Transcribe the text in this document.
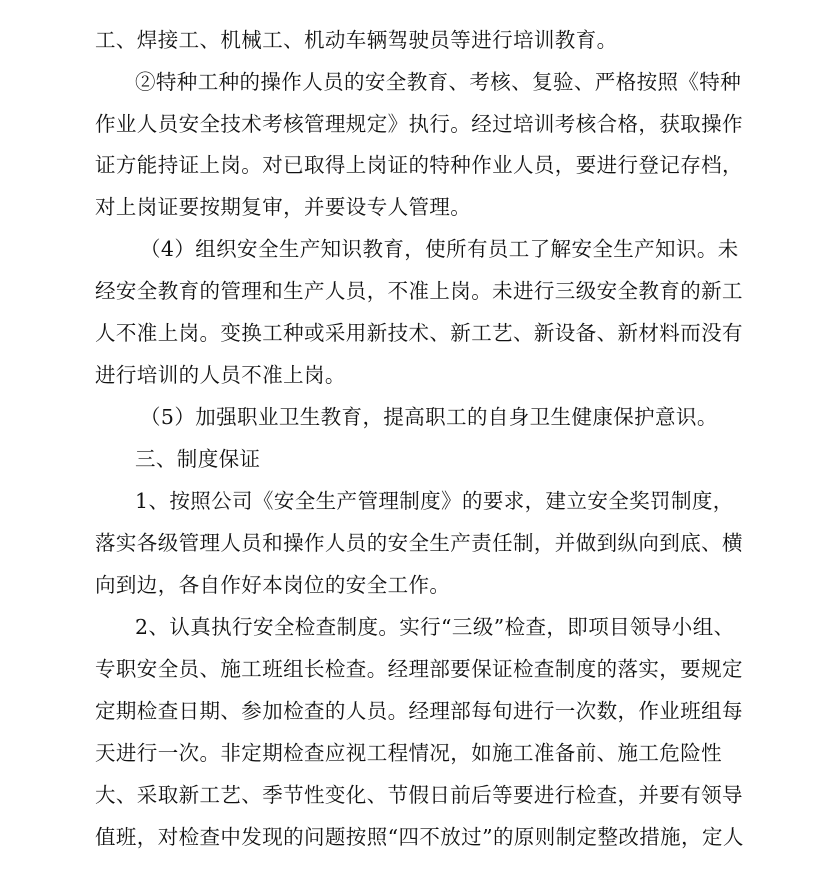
工、焊接工、机械工、机动车辆驾驶员等进行培训教育。
②特种工种的操作人员的安全教育、考核、复验、严格按照《特种
作业人员安全技术考核管理规定》执行。经过培训考核合格，获取操作
证方能持证上岗。对已取得上岗证的特种作业人员，要进行登记存档，
对上岗证要按期复审，并要设专人管理。
（4）组织安全生产知识教育，使所有员工了解安全生产知识。未
经安全教育的管理和生产人员，不准上岗。未进行三级安全教育的新工
人不准上岗。变换工种或采用新技术、新工艺、新设备、新材料而没有
进行培训的人员不准上岗。
（5）加强职业卫生教育，提高职工的自身卫生健康保护意识。
三、制度保证
1、按照公司《安全生产管理制度》的要求，建立安全奖罚制度，
落实各级管理人员和操作人员的安全生产责任制，并做到纵向到底、横
向到边，各自作好本岗位的安全工作。
2、认真执行安全检查制度。实行“三级”检查，即项目领导小组、
专职安全员、施工班组长检查。经理部要保证检查制度的落实，要规定
定期检查日期、参加检查的人员。经理部每旬进行一次数，作业班组每
天进行一次。非定期检查应视工程情况，如施工准备前、施工危险性
大、采取新工艺、季节性变化、节假日前后等要进行检查，并要有领导
值班，对检查中发现的问题按照“四不放过”的原则制定整改措施，定人
